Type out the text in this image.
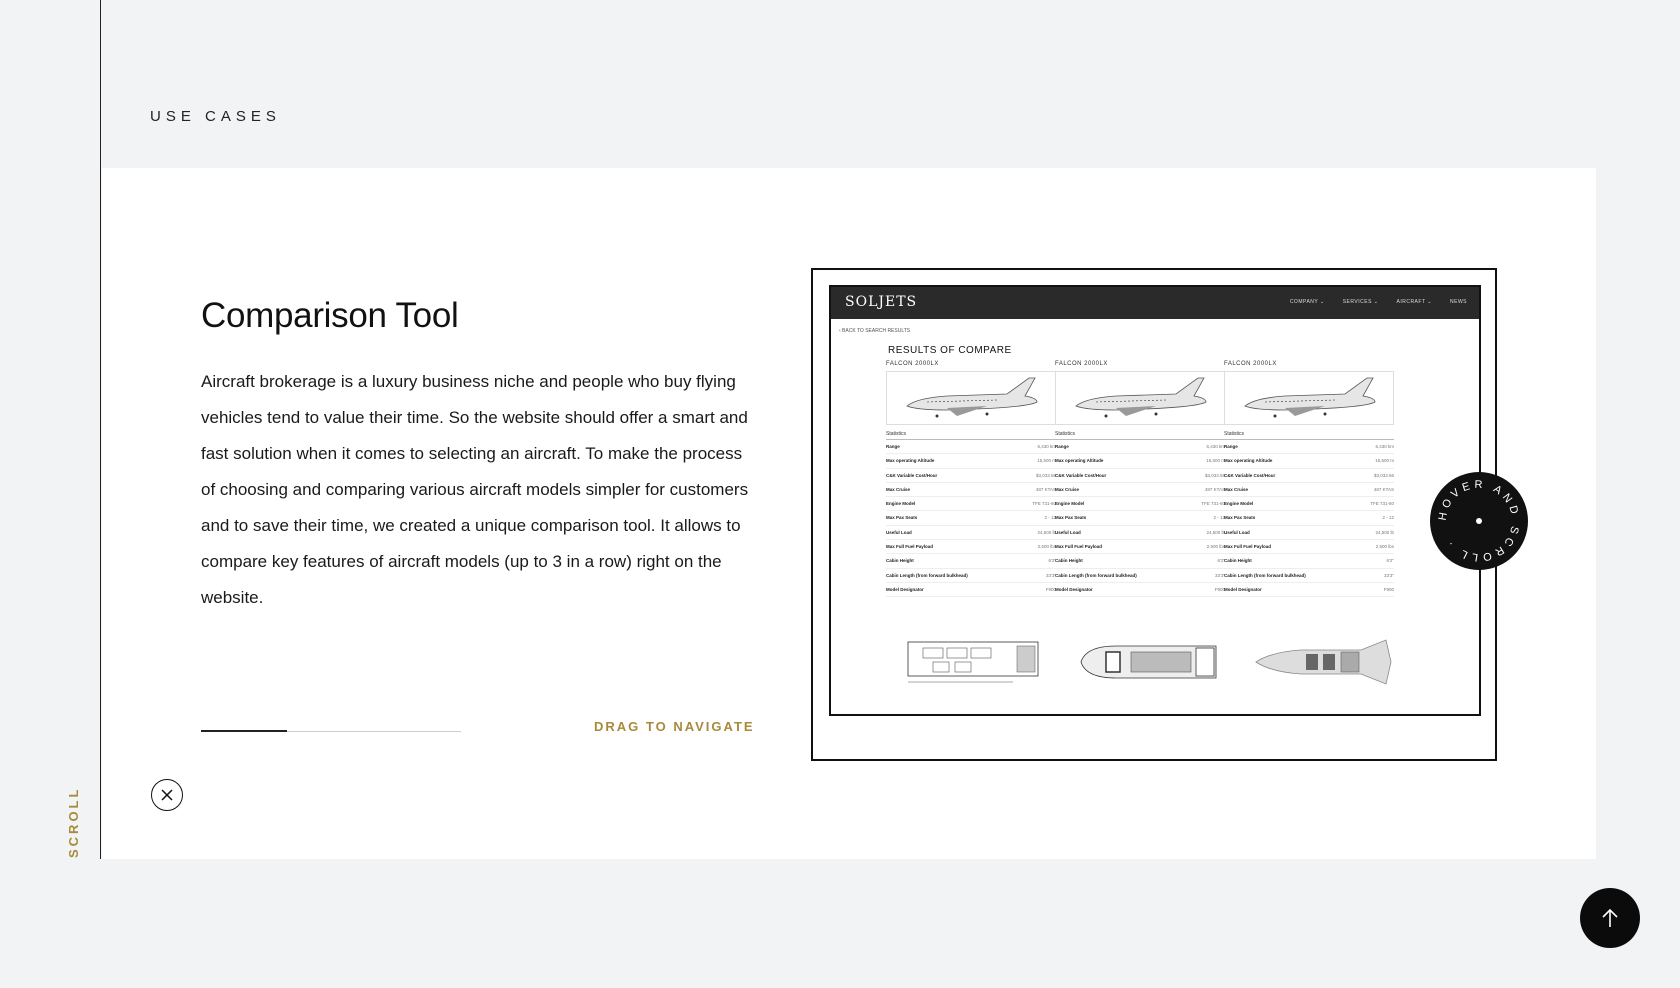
SCROLL
USE CASES
Comparison Tool

Aircraft brokerage is a luxury business niche and people who buy flying vehicles tend to value their time. So the website should offer a smart and fast solution when it comes to selecting an aircraft. To make the process of choosing and comparing various aircraft models simpler for customers and to save their time, we created a unique comparison tool. It allows to compare key features of aircraft models (up to 3 in a row) right on the website.

DRAG TO NAVIGATE
SOLJETS	COMPANY ⌄	SERVICES ⌄	AIRCRAFT ⌄	NEWS
‹ BACK TO SEARCH RESULTS
RESULTS OF COMPARE
FALCON 2000LX
Statistics
Range	6,430 km
Max operating Altitude	15,500 m
C&K Variable Cost/Hour	$3,033.56
Max Cruise	487 KTAS
Engine Model	TFE 731-60
Max Pax Seats	2 - 12
Useful Load	24,500 lb
Max Full Fuel Payload	2,500 lbs
Cabin Height	6'2"
Cabin Length (from forward bulkhead)	33'3"
Model Designator	F900
FALCON 2000LX
Statistics
Range	6,430 km
Max operating Altitude	15,500 m
C&K Variable Cost/Hour	$3,033.56
Max Cruise	487 KTAS
Engine Model	TFE 731-60
Max Pax Seats	2 - 12
Useful Load	24,500 lb
Max Full Fuel Payload	2,500 lbs
Cabin Height	6'2"
Cabin Length (from forward bulkhead)	33'3"
Model Designator	F900
FALCON 2000LX
Statistics
Range	6,430 km
Max operating Altitude	15,500 m
C&K Variable Cost/Hour	$3,033.56
Max Cruise	487 KTAS
Engine Model	TFE 731-60
Max Pax Seats	2 - 12
Useful Load	24,500 lb
Max Full Fuel Payload	2,500 lbs
Cabin Height	6'2"
Cabin Length (from forward bulkhead)	33'3"
Model Designator	F900
HOVER AND SCROLL ·
